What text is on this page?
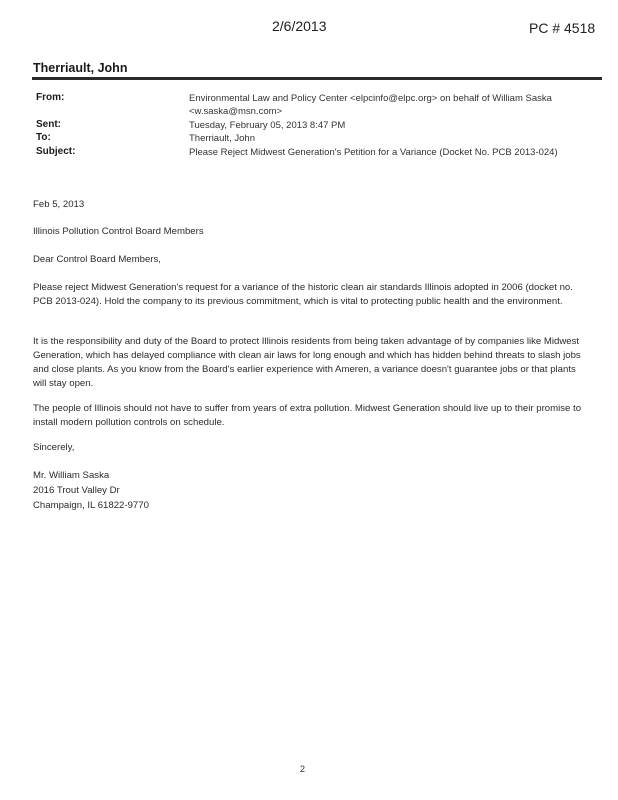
2/6/2013	PC # 4518
Therriault, John
From:	Environmental Law and Policy Center <elpcinfo@elpc.org> on behalf of William Saska
<w.saska@msn.com>
Sent:	Tuesday, February 05, 2013 8:47 PM
To:	Therriault, John
Subject:	Please Reject Midwest Generation's Petition for a Variance (Docket No. PCB 2013-024)
Feb 5, 2013
Illinois Pollution Control Board Members
Dear Control Board Members,
Please reject Midwest Generation's request for a variance of the historic clean air standards Illinois adopted in 2006 (docket no. PCB 2013-024). Hold the company to its previous commitment, which is vital to protecting public health and the environment.
It is the responsibility and duty of the Board to protect Illinois residents from being taken advantage of by companies like Midwest Generation, which has delayed compliance with clean air laws for long enough and which has hidden behind threats to slash jobs and close plants. As you know from the Board's earlier experience with Ameren, a variance doesn't guarantee jobs or that plants will stay open.
The people of Illinois should not have to suffer from years of extra pollution. Midwest Generation should live up to their promise to install modern pollution controls on schedule.
Sincerely,
Mr. William Saska
2016 Trout Valley Dr
Champaign, IL 61822-9770
2
